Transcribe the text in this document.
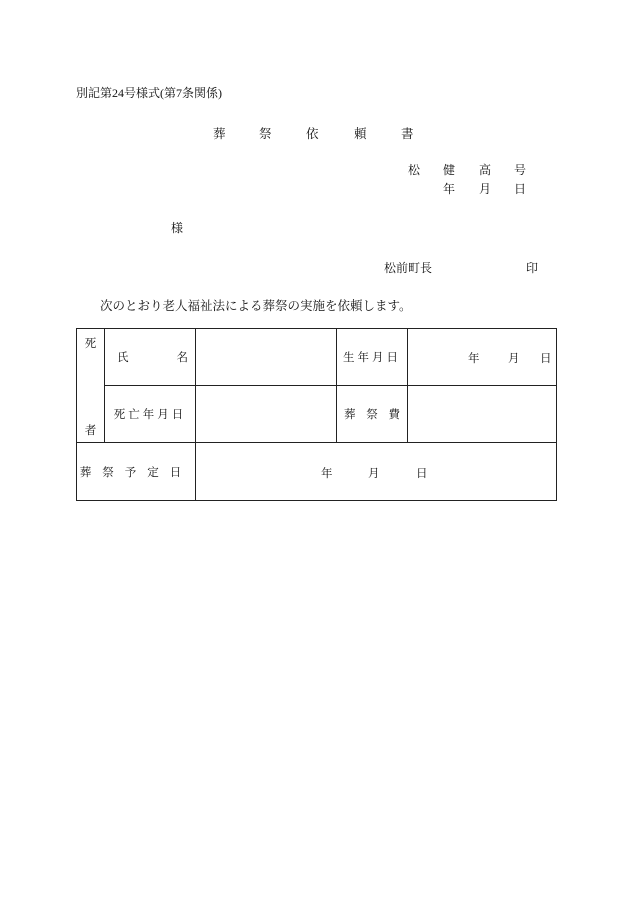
別記第24号様式(第7条関係)
葬	祭	依	頼	書
松 健 高 号
年 月 日
様
松前町長	印
次のとおり老人福祉法による葬祭の実施を依頼します。
死
者	氏 名		生年月日	年 月 日

	死亡年月日		葬 祭 費	

葬祭予定日		年 月 日		
